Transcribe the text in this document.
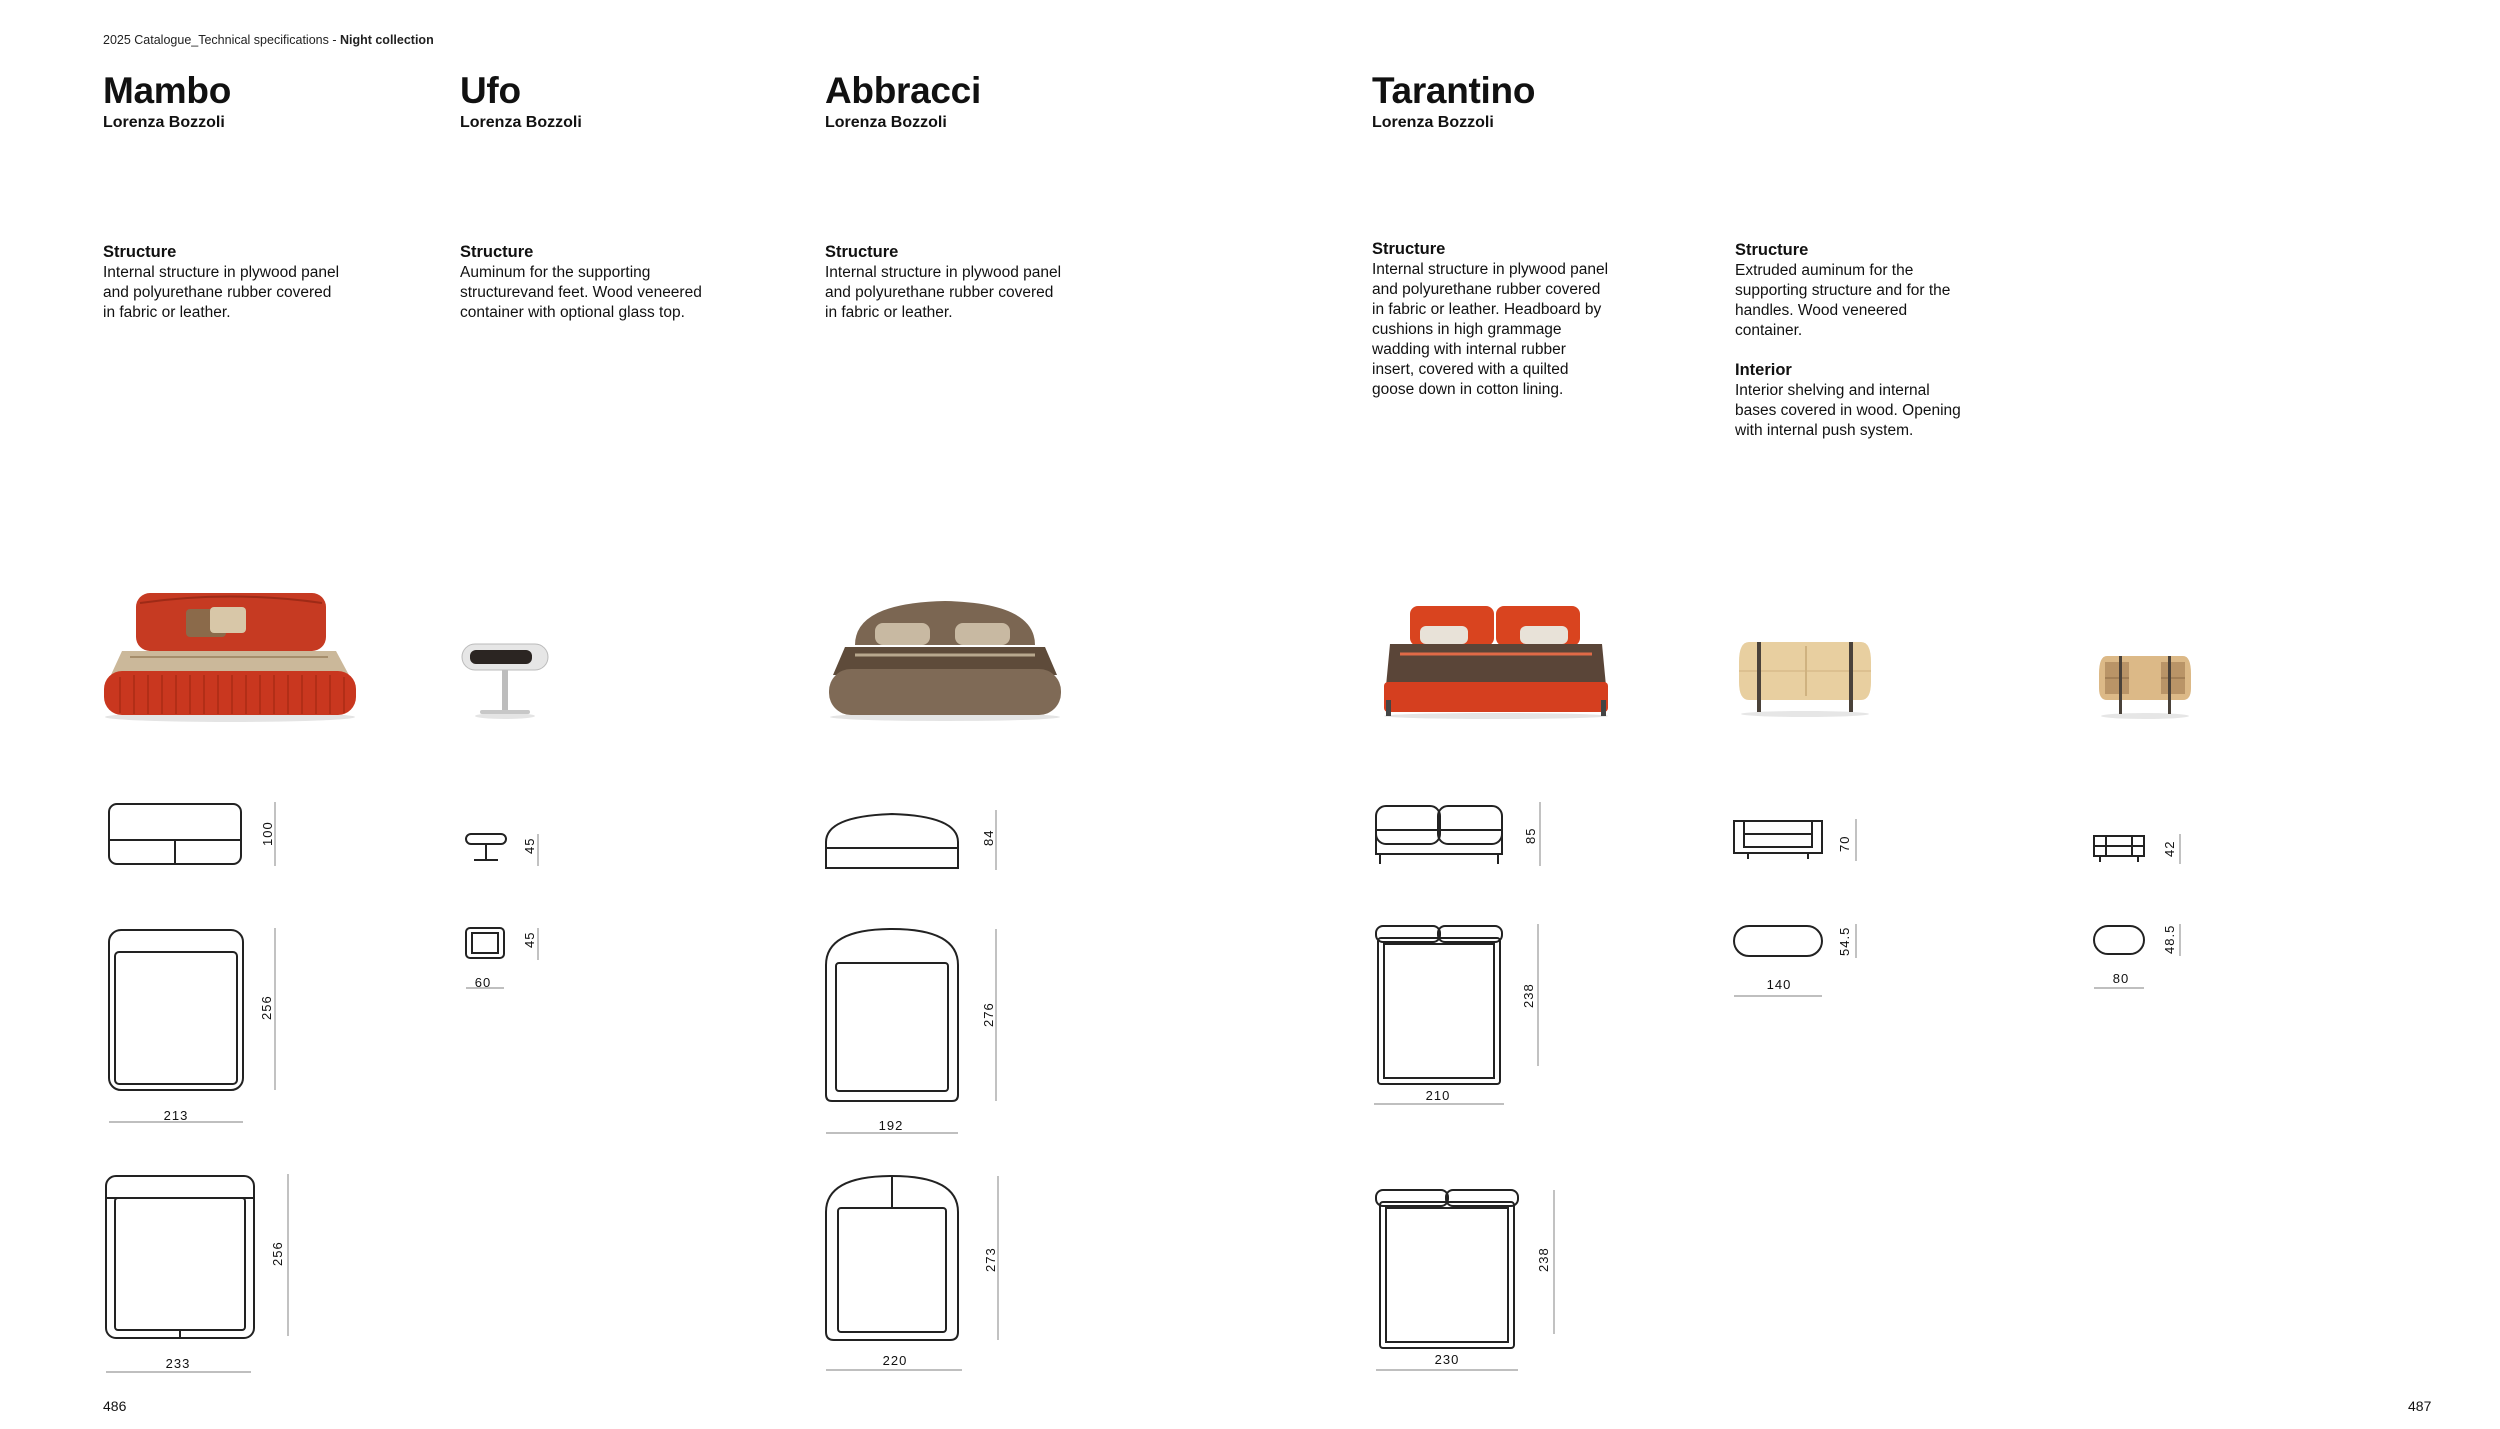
2025 Catalogue_Technical specifications - Night collection
Mambo
Lorenza Bozzoli
Structure
Internal structure in plywood panel and polyurethane rubber covered in fabric or leather.
100
256
213
256
233
Ufo
Lorenza Bozzoli
Structure
Auminum for the supporting structurevand feet. Wood veneered container with optional glass top.
45
45
60
Abbracci
Lorenza Bozzoli
Structure
Internal structure in plywood panel and polyurethane rubber covered in fabric or leather.
84
276
192
273
220
Tarantino
Lorenza Bozzoli
Structure
Internal structure in plywood panel and polyurethane rubber covered in fabric or leather. Headboard by cushions in high grammage wadding with internal rubber insert, covered with a quilted goose down in cotton lining.
85
238
210
238
230
Structure
Extruded auminum for the supporting structure and for the handles. Wood veneered container.
Interior
Interior shelving and internal bases covered in wood. Opening with internal push system.
70
54.5
140
42
48.5
80
486	487
